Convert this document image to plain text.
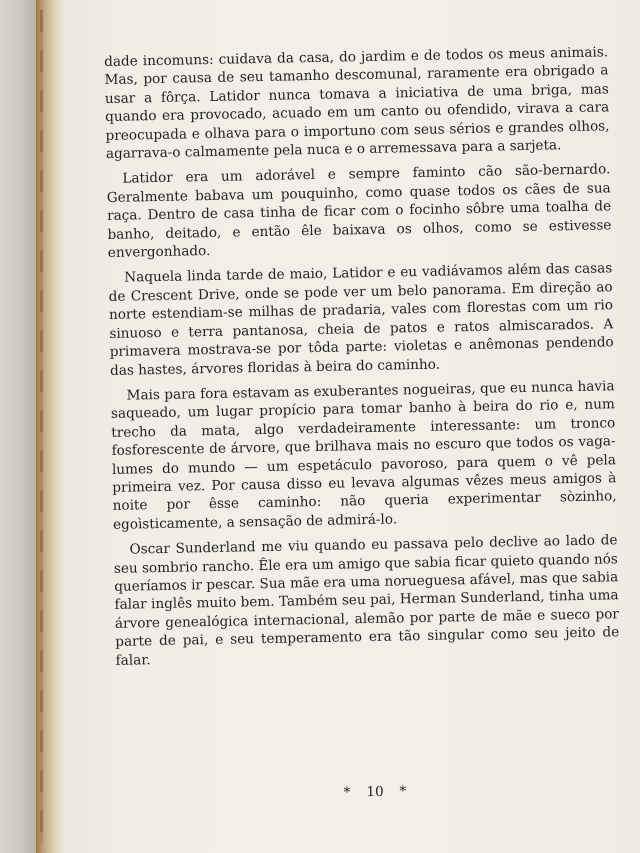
dade incomuns: cuidava da casa, do jardim e de todos os meus animais. Mas, por causa de seu tamanho descomunal, raramente era obrigado a usar a fôrça. Latidor nunca tomava a iniciativa de uma briga, mas quando era provocado, acuado em um canto ou ofendido, virava a cara preocupada e olhava para o importuno com seus sérios e grandes olhos, agarrava-o calmamente pela nuca e o arremessava para a sarjeta.

Latidor era um adorável e sempre faminto cão são-bernardo. Geralmente babava um pouquinho, como quase todos os cães de sua raça. Dentro de casa tinha de ficar com o focinho sôbre uma toalha de banho, deitado, e então êle baixava os olhos, como se estivesse envergonhado.

Naquela linda tarde de maio, Latidor e eu vadiávamos além das casas de Crescent Drive, onde se pode ver um belo panorama. Em direção ao norte estendiam-se milhas de pradaria, vales com florestas com um rio sinuoso e terra pantanosa, cheia de patos e ratos almiscarados. A primavera mostrava-se por tôda parte: violetas e anêmonas pendendo das hastes, árvores floridas à beira do caminho.

Mais para fora estavam as exuberantes nogueiras, que eu nunca havia saqueado, um lugar propício para tomar banho à beira do rio e, num trecho da mata, algo verdadeiramente interessante: um tronco fosforescente de árvore, que brilhava mais no escuro que todos os vaga-lumes do mundo — um espetáculo pavoroso, para quem o vê pela primeira vez. Por causa disso eu levava algumas vêzes meus amigos à noite por êsse caminho: não queria experimentar sòzinho, egoìsticamente, a sensação de admirá-lo.

Oscar Sunderland me viu quando eu passava pelo declive ao lado de seu sombrio rancho. Êle era um amigo que sabia ficar quieto quando nós queríamos ir pescar. Sua mãe era uma norueguesa afável, mas que sabia falar inglês muito bem. Também seu pai, Herman Sunderland, tinha uma árvore genealógica internacional, alemão por parte de mãe e sueco por parte de pai, e seu temperamento era tão singular como seu jeito de falar.

* 10 *
